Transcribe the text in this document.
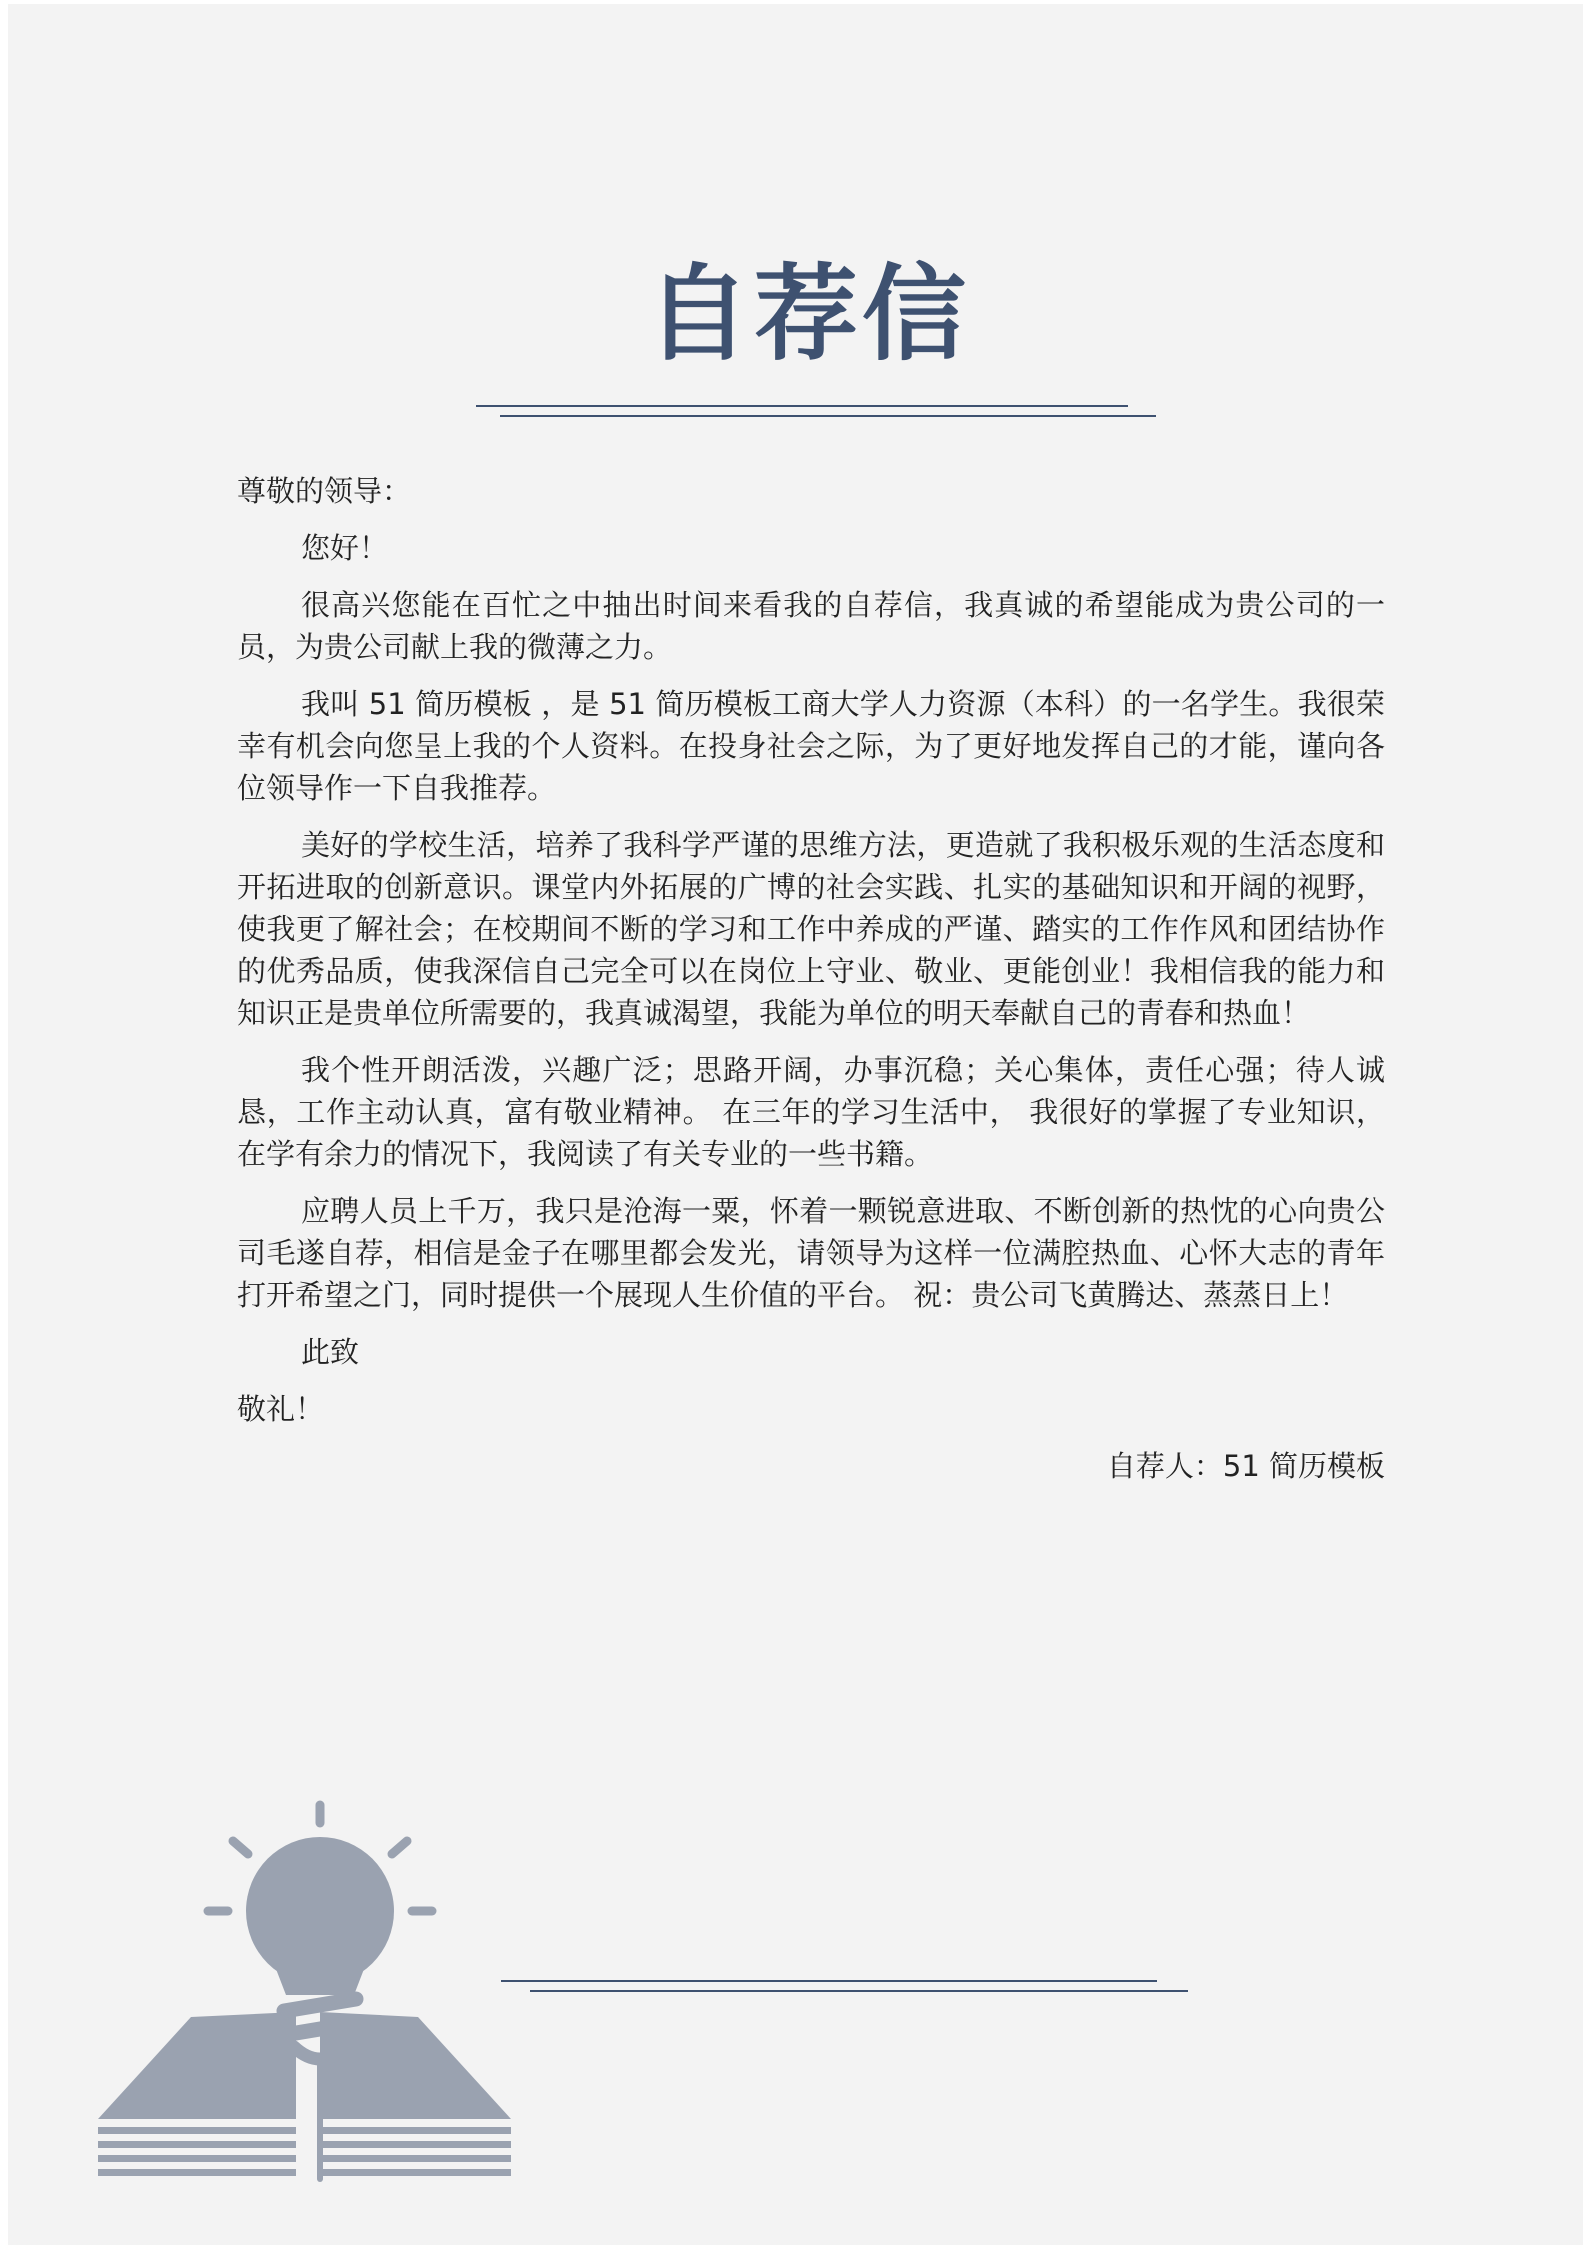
自荐信

尊敬的领导：

您好！

很高兴您能在百忙之中抽出时间来看我的自荐信，我真诚的希望能成为贵公司的一员，为贵公司献上我的微薄之力。

我叫 51 简历模板 ，是 51 简历模板工商大学人力资源（本科）的一名学生。我很荣幸有机会向您呈上我的个人资料。在投身社会之际，为了更好地发挥自己的才能，谨向各位领导作一下自我推荐。

美好的学校生活，培养了我科学严谨的思维方法，更造就了我积极乐观的生活态度和开拓进取的创新意识。课堂内外拓展的广博的社会实践、扎实的基础知识和开阔的视野，使我更了解社会；在校期间不断的学习和工作中养成的严谨、踏实的工作作风和团结协作的优秀品质，使我深信自己完全可以在岗位上守业、敬业、更能创业！我相信我的能力和知识正是贵单位所需要的，我真诚渴望，我能为单位的明天奉献自己的青春和热血！

我个性开朗活泼，兴趣广泛；思路开阔，办事沉稳；关心集体，责任心强；待人诚恳，工作主动认真，富有敬业精神。 在三年的学习生活中， 我很好的掌握了专业知识，在学有余力的情况下，我阅读了有关专业的一些书籍。

应聘人员上千万，我只是沧海一粟，怀着一颗锐意进取、不断创新的热忱的心向贵公司毛遂自荐，相信是金子在哪里都会发光，请领导为这样一位满腔热血、心怀大志的青年打开希望之门，同时提供一个展现人生价值的平台。 祝：贵公司飞黄腾达、蒸蒸日上！

此致

敬礼！

自荐人：51 简历模板
